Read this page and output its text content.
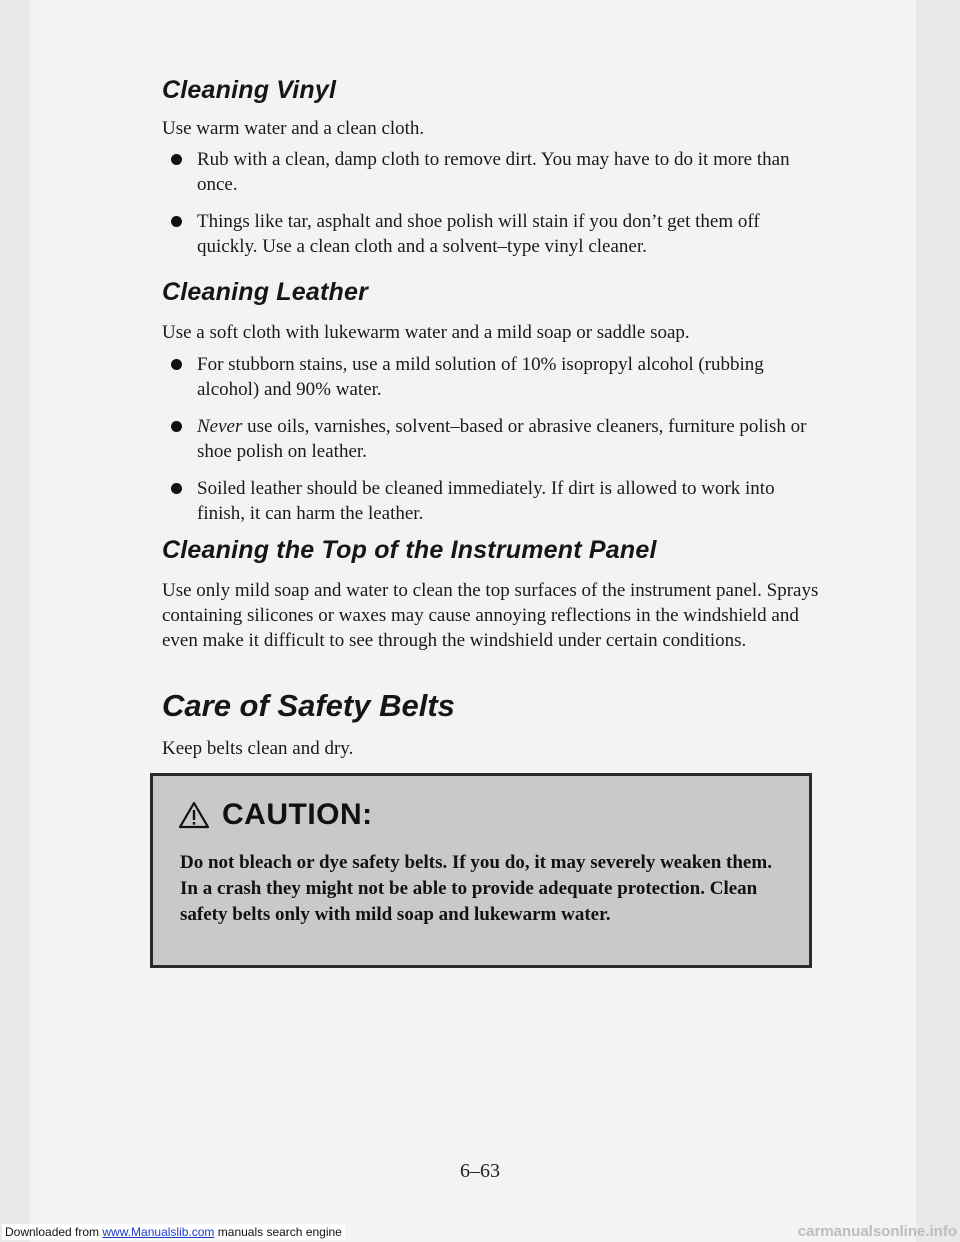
Cleaning Vinyl

Use warm water and a clean cloth.

Rub with a clean, damp cloth to remove dirt. You may have to do it more than once.
Things like tar, asphalt and shoe polish will stain if you don’t get them off quickly. Use a clean cloth and a solvent–type vinyl cleaner.
Cleaning Leather

Use a soft cloth with lukewarm water and a mild soap or saddle soap.

For stubborn stains, use a mild solution of 10% isopropyl alcohol (rubbing alcohol) and 90% water.
Never use oils, varnishes, solvent–based or abrasive cleaners, furniture polish or shoe polish on leather.
Soiled leather should be cleaned immediately. If dirt is allowed to work into finish, it can harm the leather.
Cleaning the Top of the Instrument Panel

Use only mild soap and water to clean the top surfaces of the instrument panel. Sprays containing silicones or waxes may cause annoying reflections in the windshield and even make it difficult to see through the windshield under certain conditions.

Care of Safety Belts

Keep belts clean and dry.

CAUTION:
Do not bleach or dye safety belts. If you do, it may severely weaken them. In a crash they might not be able to provide adequate protection. Clean safety belts only with mild soap and lukewarm water.
6–63
Downloaded from www.Manualslib.com manuals search engine	carmanualsonline.info
